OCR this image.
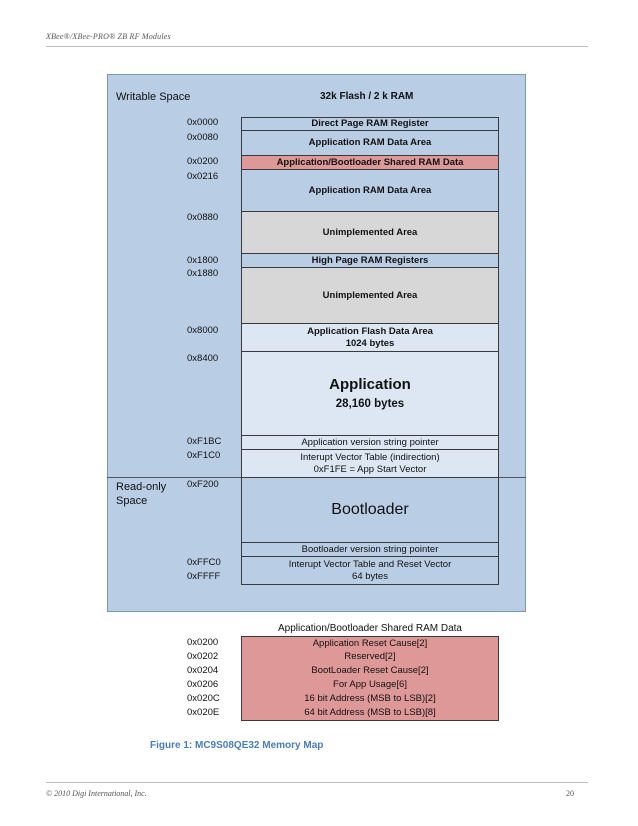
XBee®/XBee-PRO® ZB RF Modules
Writable Space
Read-only
Space
32k Flash / 2 k RAM
0x0000
0x0080
0x0200
0x0216
0x0880
0x1800
0x1880
0x8000
0x8400
0xF1BC
0xF1C0
0xF200
0xFFC0
0xFFFF
Direct Page RAM Register
Application RAM Data Area
Application/Bootloader Shared RAM Data
Application RAM Data Area
Unimplemented Area
High Page RAM Registers
Unimplemented Area
Application Flash Data Area
1024 bytes
Application
28,160 bytes
Application version string pointer
Interupt Vector Table (indirection)
0xF1FE = App Start Vector
Bootloader
Bootloader version string pointer
Interupt Vector Table and Reset Vector
64 bytes
Application/Bootloader Shared RAM Data
Application Reset Cause[2]
Reserved[2]
BootLoader Reset Cause[2]
For App Usage[6]
16 bit Address (MSB to LSB)[2]
64 bit Address (MSB to LSB)[8]
0x0200
0x0202
0x0204
0x0206
0x020C
0x020E
Figure 1: MC9S08QE32 Memory Map
© 2010 Digi International, Inc.	20
